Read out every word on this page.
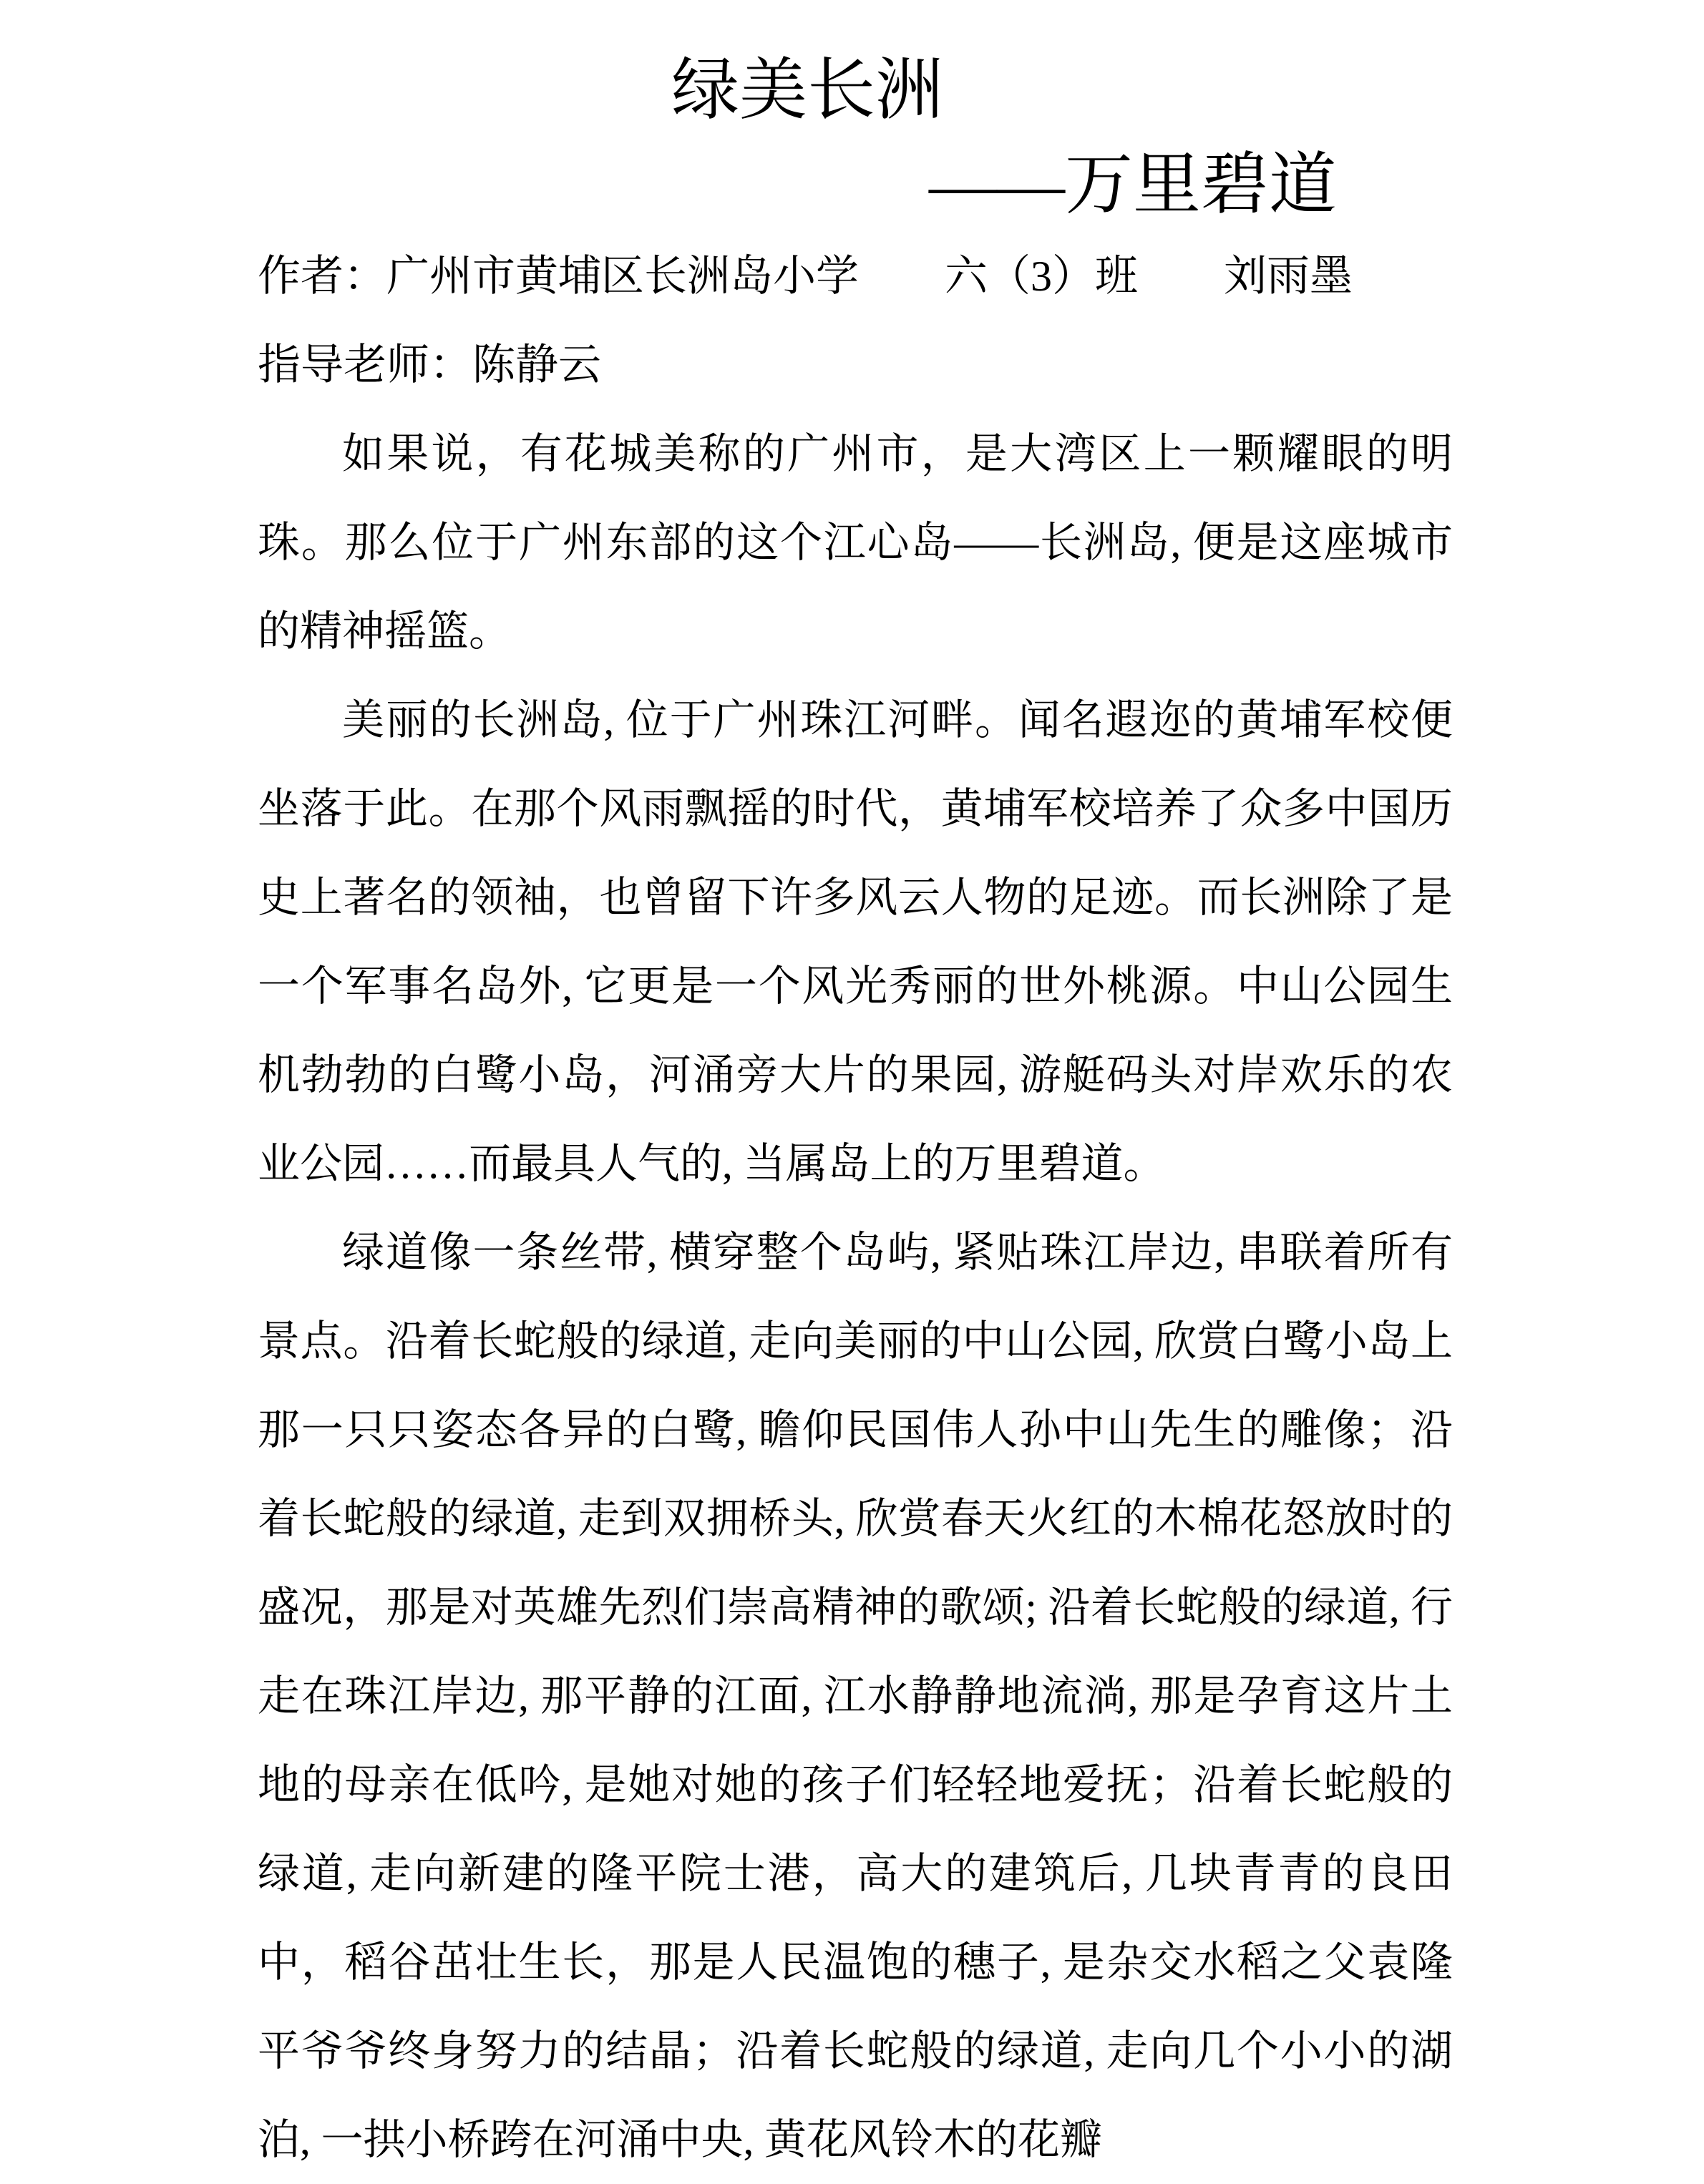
绿美长洲
——万里碧道
作者：广州市黄埔区长洲岛小学　　六（3）班　　刘雨墨
指导老师：陈静云

如果说，有花城美称的广州市，是大湾区上一颗耀眼的明珠。那么位于广州东部的这个江心岛——长洲岛, 便是这座城市的精神摇篮。

美丽的长洲岛, 位于广州珠江河畔。闻名遐迩的黄埔军校便坐落于此。在那个风雨飘摇的时代，黄埔军校培养了众多中国历史上著名的领袖，也曾留下许多风云人物的足迹。而长洲除了是一个军事名岛外, 它更是一个风光秀丽的世外桃源。中山公园生机勃勃的白鹭小岛，河涌旁大片的果园, 游艇码头对岸欢乐的农业公园……而最具人气的, 当属岛上的万里碧道。

绿道像一条丝带, 横穿整个岛屿, 紧贴珠江岸边, 串联着所有景点。沿着长蛇般的绿道, 走向美丽的中山公园, 欣赏白鹭小岛上那一只只姿态各异的白鹭, 瞻仰民国伟人孙中山先生的雕像；沿着长蛇般的绿道, 走到双拥桥头, 欣赏春天火红的木棉花怒放时的盛况，那是对英雄先烈们崇高精神的歌颂; 沿着长蛇般的绿道, 行走在珠江岸边, 那平静的江面, 江水静静地流淌, 那是孕育这片土地的母亲在低吟, 是她对她的孩子们轻轻地爱抚；沿着长蛇般的绿道, 走向新建的隆平院士港，高大的建筑后, 几块青青的良田中，稻谷茁壮生长，那是人民温饱的穗子, 是杂交水稻之父袁隆平爷爷终身努力的结晶；沿着长蛇般的绿道, 走向几个小小的湖泊, 一拱小桥跨在河涌中央, 黄花风铃木的花瓣
